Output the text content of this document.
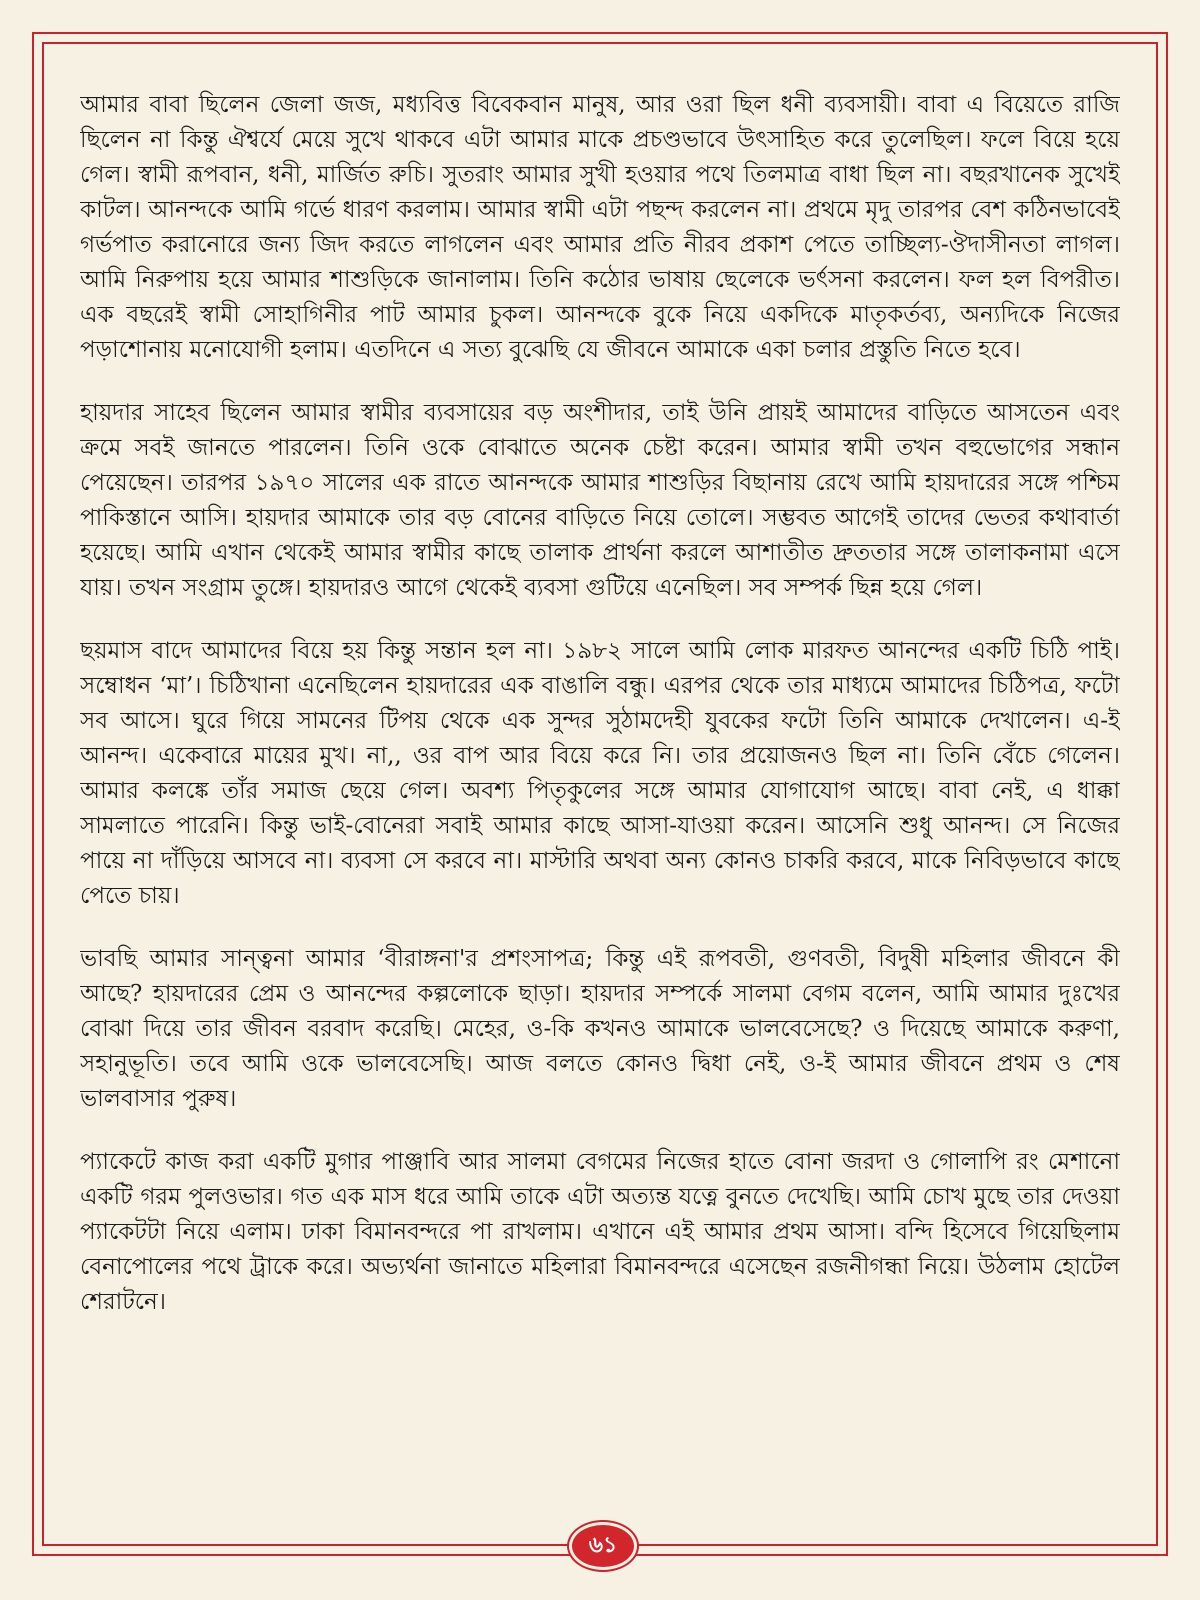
আমার বাবা ছিলেন জেলা জজ, মধ্যবিত্ত বিবেকবান মানুষ, আর ওরা ছিল ধনী ব্যবসায়ী। বাবা এ বিয়েতে রাজি ছিলেন না কিন্তু ঐশ্বর্যে মেয়ে সুখে থাকবে এটা আমার মাকে প্রচণ্ডভাবে উৎসাহিত করে তুলেছিল। ফলে বিয়ে হয়ে গেল। স্বামী রূপবান, ধনী, মার্জিত রুচি। সুতরাং আমার সুখী হওয়ার পথে তিলমাত্র বাধা ছিল না। বছরখানেক সুখেই কাটল। আনন্দকে আমি গর্ভে ধারণ করলাম। আমার স্বামী এটা পছন্দ করলেন না। প্রথমে মৃদু তারপর বেশ কঠিনভাবেই গর্ভপাত করানোরে জন্য জিদ করতে লাগলেন এবং আমার প্রতি নীরব প্রকাশ পেতে তাচ্ছিল্য-ঔদাসীনতা লাগল। আমি নিরুপায় হয়ে আমার শাশুড়িকে জানালাম। তিনি কঠোর ভাষায় ছেলেকে ভর্ৎসনা করলেন। ফল হল বিপরীত। এক বছরেই স্বামী সোহাগিনীর পাট আমার চুকল। আনন্দকে বুকে নিয়ে একদিকে মাতৃকর্তব্য, অন্যদিকে নিজের পড়াশোনায় মনোযোগী হলাম। এতদিনে এ সত্য বুঝেছি যে জীবনে আমাকে একা চলার প্রস্তুতি নিতে হবে।

হায়দার সাহেব ছিলেন আমার স্বামীর ব্যবসায়ের বড় অংশীদার, তাই উনি প্রায়ই আমাদের বাড়িতে আসতেন এবং ক্রমে সবই জানতে পারলেন। তিনি ওকে বোঝাতে অনেক চেষ্টা করেন। আমার স্বামী তখন বহুভোগের সন্ধান পেয়েছেন। তারপর ১৯৭০ সালের এক রাতে আনন্দকে আমার শাশুড়ির বিছানায় রেখে আমি হায়দারের সঙ্গে পশ্চিম পাকিস্তানে আসি। হায়দার আমাকে তার বড় বোনের বাড়িতে নিয়ে তোলে। সম্ভবত আগেই তাদের ভেতর কথাবার্তা হয়েছে। আমি এখান থেকেই আমার স্বামীর কাছে তালাক প্রার্থনা করলে আশাতীত দ্রুততার সঙ্গে তালাকনামা এসে যায়। তখন সংগ্রাম তুঙ্গে। হায়দারও আগে থেকেই ব্যবসা গুটিয়ে এনেছিল। সব সম্পর্ক ছিন্ন হয়ে গেল।

ছয়মাস বাদে আমাদের বিয়ে হয় কিন্তু সন্তান হল না। ১৯৮২ সালে আমি লোক মারফত আনন্দের একটি চিঠি পাই। সম্বোধন ‘মা’। চিঠিখানা এনেছিলেন হায়দারের এক বাঙালি বন্ধু। এরপর থেকে তার মাধ্যমে আমাদের চিঠিপত্র, ফটো সব আসে। ঘুরে গিয়ে সামনের টিপয় থেকে এক সুন্দর সুঠামদেহী যুবকের ফটো তিনি আমাকে দেখালেন। এ-ই আনন্দ। একেবারে মায়ের মুখ। না,, ওর বাপ আর বিয়ে করে নি। তার প্রয়োজনও ছিল না। তিনি বেঁচে গেলেন। আমার কলঙ্কে তাঁর সমাজ ছেয়ে গেল। অবশ্য পিতৃকুলের সঙ্গে আমার যোগাযোগ আছে। বাবা নেই, এ ধাক্কা সামলাতে পারেনি। কিন্তু ভাই-বোনেরা সবাই আমার কাছে আসা-যাওয়া করেন। আসেনি শুধু আনন্দ। সে নিজের পায়ে না দাঁড়িয়ে আসবে না। ব্যবসা সে করবে না। মাস্টারি অথবা অন্য কোনও চাকরি করবে, মাকে নিবিড়ভাবে কাছে পেতে চায়।

ভাবছি আমার সান্ত্বনা আমার ‘বীরাঙ্গনা'র প্রশংসাপত্র; কিন্তু এই রূপবতী, গুণবতী, বিদুষী মহিলার জীবনে কী আছে? হায়দারের প্রেম ও আনন্দের কল্পলোকে ছাড়া। হায়দার সম্পর্কে সালমা বেগম বলেন, আমি আমার দুঃখের বোঝা দিয়ে তার জীবন বরবাদ করেছি। মেহের, ও-কি কখনও আমাকে ভালবেসেছে? ও দিয়েছে আমাকে করুণা, সহানুভূতি। তবে আমি ওকে ভালবেসেছি। আজ বলতে কোনও দ্বিধা নেই, ও-ই আমার জীবনে প্রথম ও শেষ ভালবাসার পুরুষ।

প্যাকেটে কাজ করা একটি মুগার পাঞ্জাবি আর সালমা বেগমের নিজের হাতে বোনা জরদা ও গোলাপি রং মেশানো একটি গরম পুলওভার। গত এক মাস ধরে আমি তাকে এটা অত্যন্ত যত্নে বুনতে দেখেছি। আমি চোখ মুছে তার দেওয়া প্যাকেটটা নিয়ে এলাম। ঢাকা বিমানবন্দরে পা রাখলাম। এখানে এই আমার প্রথম আসা। বন্দি হিসেবে গিয়েছিলাম বেনাপোলের পথে ট্রাকে করে। অভ্যর্থনা জানাতে মহিলারা বিমানবন্দরে এসেছেন রজনীগন্ধা নিয়ে। উঠলাম হোটেল শেরাটনে।

৬১
